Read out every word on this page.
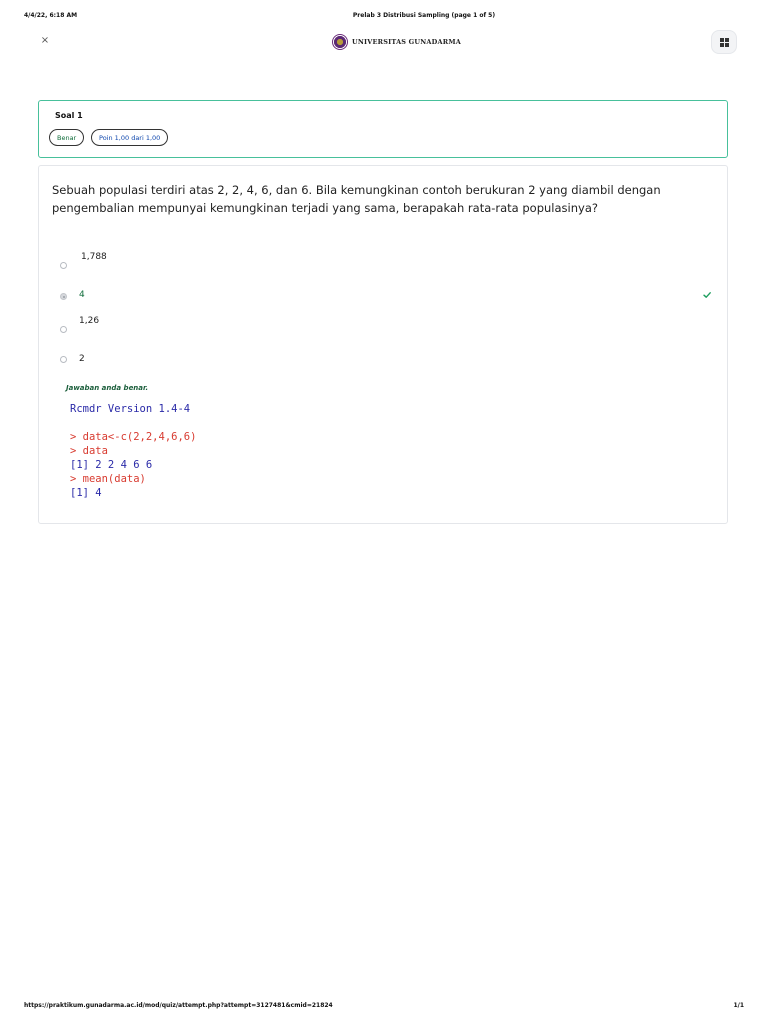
4/4/22, 6:18 AM	Prelab 3 Distribusi Sampling (page 1 of 5)
×	UNIVERSITAS GUNADARMA
Soal 1
Benar	Poin 1,00 dari 1,00
Sebuah populasi terdiri atas 2, 2, 4, 6, dan 6. Bila kemungkinan contoh berukuran 2 yang diambil dengan pengembalian mempunyai kemungkinan terjadi yang sama, berapakah rata-rata populasinya?
1,788
4
1,26
2
Jawaban anda benar.
Rcmdr Version 1.4-4

> data<-c(2,2,4,6,6)
> data
[1] 2 2 4 6 6
> mean(data)
[1] 4
https://praktikum.gunadarma.ac.id/mod/quiz/attempt.php?attempt=3127481&cmid=21824	1/1
